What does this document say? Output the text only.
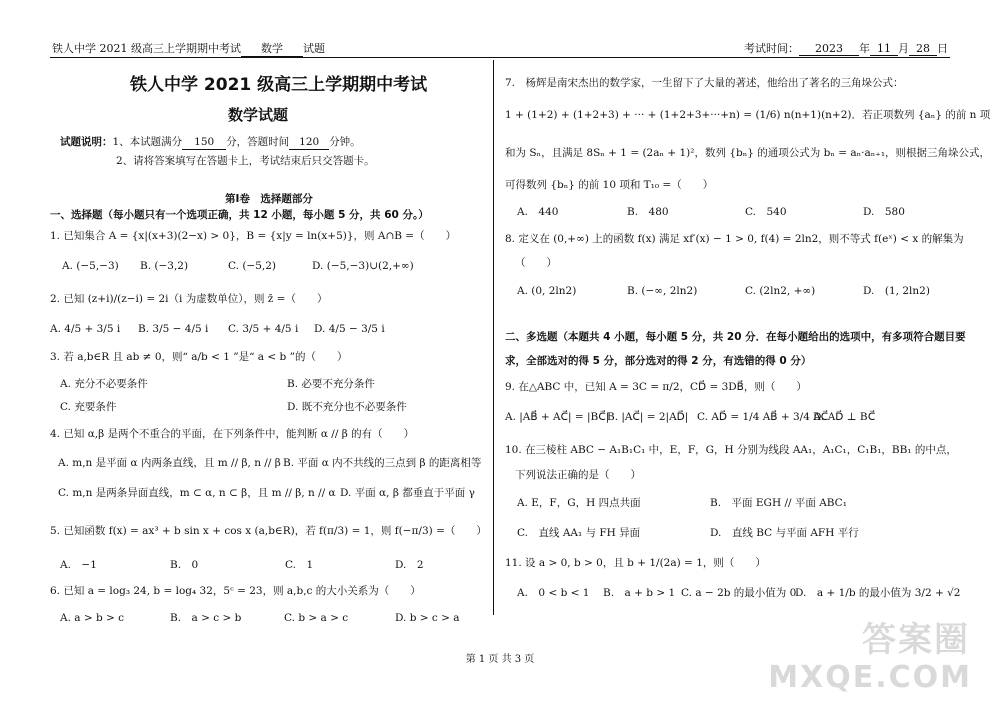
铁人中学 2021 级高三上学期期中考试 数学 试题	考试时间： 2023 年 11 月 28 日
铁人中学 2021 级高三上学期期中考试
数学试题
试题说明：1、本试题满分 150 分，答题时间 120 分钟。
2、请将答案填写在答题卡上，考试结束后只交答题卡。
第Ⅰ卷　选择题部分
一、选择题（每小题只有一个选项正确，共 12 小题，每小题 5 分，共 60 分。）
1. 已知集合 A = {x|(x+3)(2−x) > 0}，B = {x|y = ln(x+5)}，则 A∩B =（　　）
A. (−5,−3) B. (−3,2)	C. (−5,2)	D. (−5,−3)∪(2,+∞)
2. 已知 (z+i)/(z−i) = 2i（i 为虚数单位），则 z̄ =（　　）
A. 4/5 + 3/5 i B. 3/5 − 4/5 i C. 3/5 + 4/5 i D. 4/5 − 3/5 i
3. 若 a,b∈R 且 ab ≠ 0，则“ a/b < 1 ”是“ a < b ”的（　　）
A. 充分不必要条件	B. 必要不充分条件
C. 充要条件	D. 既不充分也不必要条件
4. 已知 α,β 是两个不重合的平面，在下列条件中，能判断 α // β 的有（　　）
A. m,n 是平面 α 内两条直线，且 m // β, n // β B. 平面 α 内不共线的三点到 β 的距离相等
C. m,n 是两条异面直线，m ⊂ α, n ⊂ β，且 m // β, n // α D. 平面 α, β 都垂直于平面 γ
5. 已知函数 f(x) = ax³ + b sin x + cos x (a,b∈R)，若 f(π/3) = 1，则 f(−π/3) =（　　）
A.　−1	B.　0	C.　1	D.　2
6. 已知 a = log₃ 24, b = log₄ 32，5ᶜ = 23，则 a,b,c 的大小关系为（　　）
A. a > b > c	B.　a > c > b	C. b > a > c	D. b > c > a
7.　杨辉是南宋杰出的数学家，一生留下了大量的著述，他给出了著名的三角垛公式：
1 + (1+2) + (1+2+3) + ··· + (1+2+3+···+n) = (1/6) n(n+1)(n+2)．若正项数列 {aₙ} 的前 n 项
和为 Sₙ，且满足 8Sₙ + 1 = (2aₙ + 1)²，数列 {bₙ} 的通项公式为 bₙ = aₙ·aₙ₊₁，则根据三角垛公式，
可得数列 {bₙ} 的前 10 项和 T₁₀ =（　　）
A.　440	B.　480	C.　540	D.　580
8. 定义在 (0,+∞) 上的函数 f(x) 满足 xf′(x) − 1 > 0, f(4) = 2ln2，则不等式 f(eˣ) < x 的解集为
（　　）
A. (0, 2ln2)	B. (−∞, 2ln2)	C. (2ln2, +∞)	D.　(1, 2ln2)
二、多选题（本题共 4 小题，每小题 5 分，共 20 分．在每小题给出的选项中，有多项符合题目要
求，全部选对的得 5 分，部分选对的得 2 分，有选错的得 0 分）
9. 在△ABC 中，已知 A = 3C = π/2，CD⃗ = 3DB⃗，则（　　）
A. |AB⃗ + AC⃗| = |BC⃗|
B. |AC⃗| = 2|AD⃗| C. AD⃗ = 1/4 AB⃗ + 3/4 AC⃗
D. AD⃗ ⊥ BC⃗
10. 在三棱柱 ABC − A₁B₁C₁ 中，E，F，G，H 分别为线段 AA₁，A₁C₁，C₁B₁，BB₁ 的中点，
下列说法正确的是（　　）
A. E，F，G，H 四点共面	B.　平面 EGH // 平面 ABC₁
C.　直线 AA₁ 与 FH 异面	D.　直线 BC 与平面 AFH 平行
11. 设 a > 0, b > 0，且 b + 1/(2a) = 1，则（　　）
A.　0 < b < 1 B.　a + b > 1 C. a − 2b 的最小值为 0
D.　a + 1/b 的最小值为 3/2 + √2
第 1 页 共 3 页	答案圈
MXQE.COM
